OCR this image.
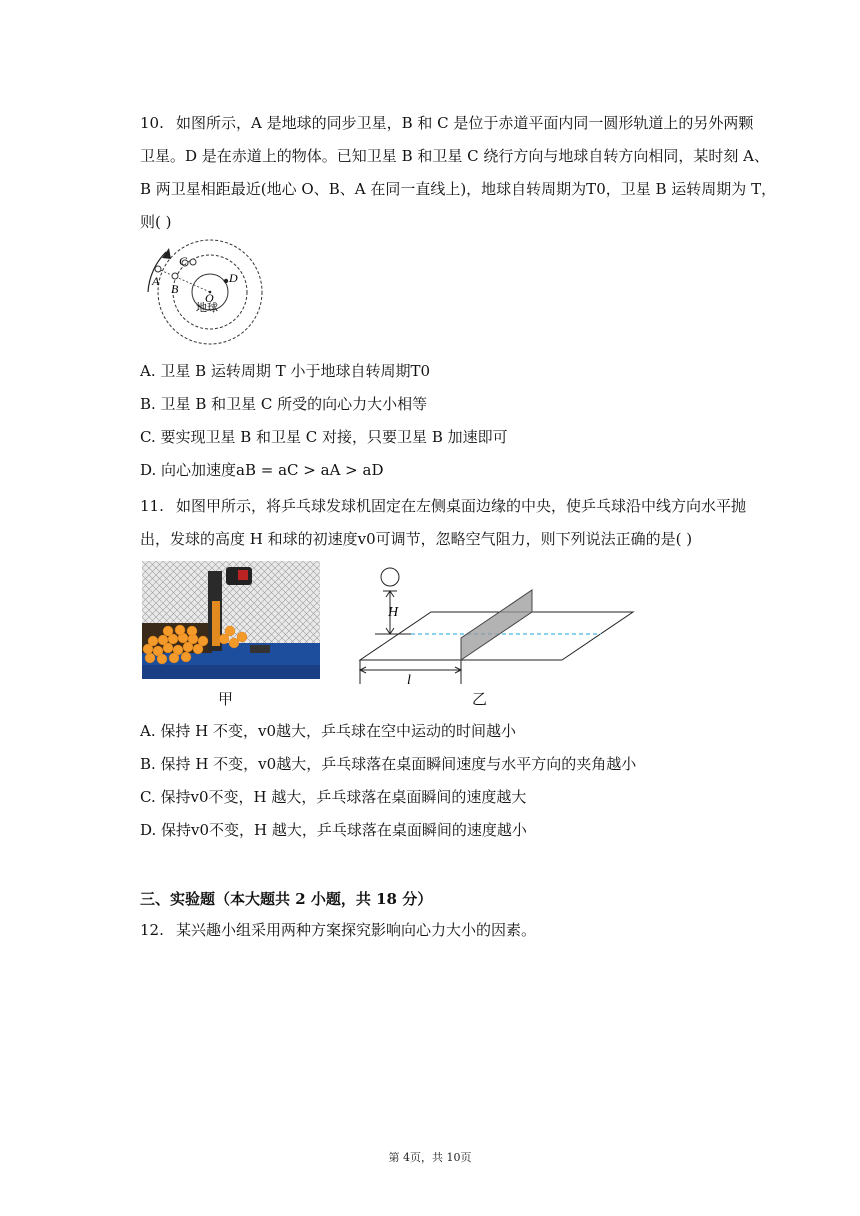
10. 如图所示，A 是地球的同步卫星，B 和 C 是位于赤道平面内同一圆形轨道上的另外两颗
卫星。D 是在赤道上的物体。已知卫星 B 和卫星 C 绕行方向与地球自转方向相同，某时刻 A、
B 两卫星相距最近(地心 O、B、A 在同一直线上)，地球自转周期为T0，卫星 B 运转周期为 T，
则( )
A
B
C
D
O
地球
A. 卫星 B 运转周期 T 小于地球自转周期T0
B. 卫星 B 和卫星 C 所受的向心力大小相等
C. 要实现卫星 B 和卫星 C 对接，只要卫星 B 加速即可
D. 向心加速度aB = aC > aA > aD
11. 如图甲所示，将乒乓球发球机固定在左侧桌面边缘的中央，使乒乓球沿中线方向水平抛
出，发球的高度 H 和球的初速度v0可调节，忽略空气阻力，则下列说法正确的是( )
H
l
甲	乙
A. 保持 H 不变，v0越大，乒乓球在空中运动的时间越小
B. 保持 H 不变，v0越大，乒乓球落在桌面瞬间速度与水平方向的夹角越小
C. 保持v0不变，H 越大，乒乓球落在桌面瞬间的速度越大
D. 保持v0不变，H 越大，乒乓球落在桌面瞬间的速度越小
三、实验题（本大题共 2 小题，共 18 分）
12. 某兴趣小组采用两种方案探究影响向心力大小的因素。
第 4页，共 10页
